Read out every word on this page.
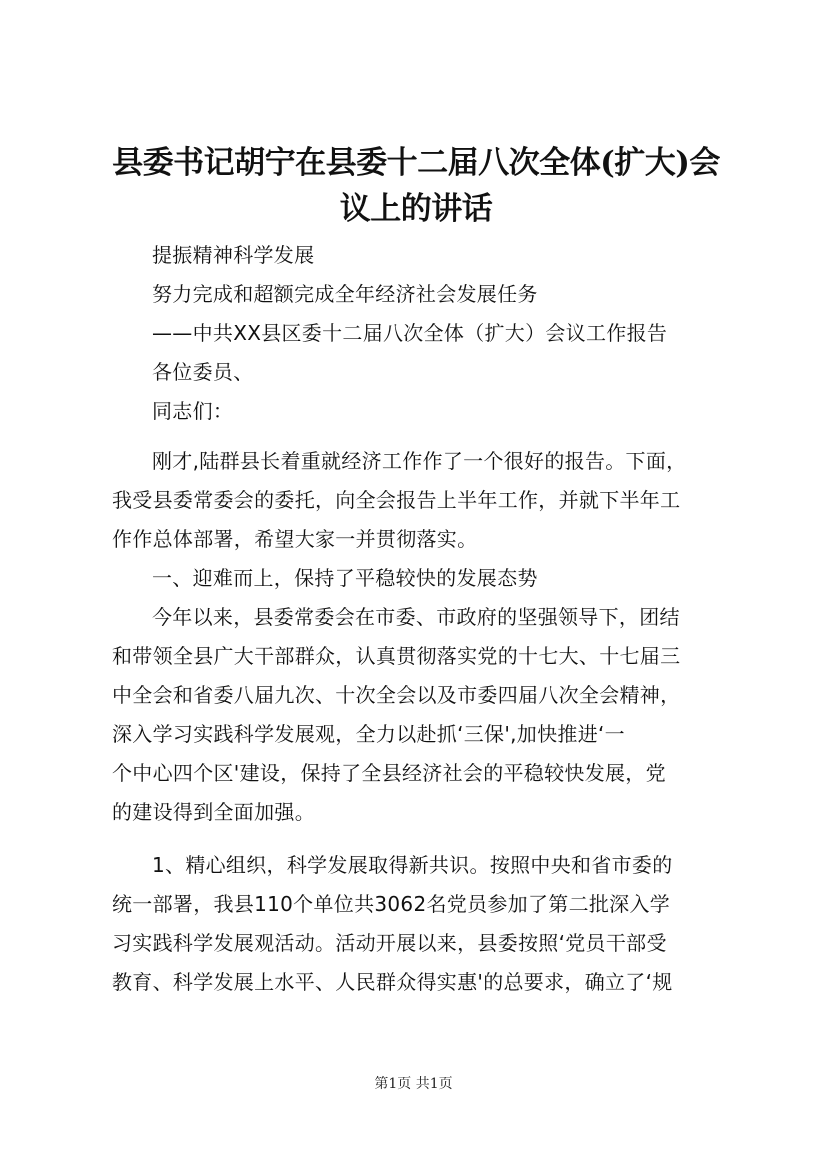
县委书记胡宁在县委十二届八次全体(扩大)会
议上的讲话

提振精神科学发展

努力完成和超额完成全年经济社会发展任务

——中共XX县区委十二届八次全体（扩大）会议工作报告

各位委员、

同志们：

刚才,陆群县长着重就经济工作作了一个很好的报告。下面，

我受县委常委会的委托，向全会报告上半年工作，并就下半年工

作作总体部署，希望大家一并贯彻落实。

一、迎难而上，保持了平稳较快的发展态势

今年以来，县委常委会在市委、市政府的坚强领导下，团结

和带领全县广大干部群众，认真贯彻落实党的十七大、十七届三

中全会和省委八届九次、十次全会以及市委四届八次全会精神，

深入学习实践科学发展观，全力以赴抓‘三保',加快推进‘一

个中心四个区'建设，保持了全县经济社会的平稳较快发展，党

的建设得到全面加强。

1、精心组织，科学发展取得新共识。按照中央和省市委的

统一部署，我县110个单位共3062名党员参加了第二批深入学

习实践科学发展观活动。活动开展以来，县委按照‘党员干部受

教育、科学发展上水平、人民群众得实惠'的总要求，确立了‘规

第1页 共1页
